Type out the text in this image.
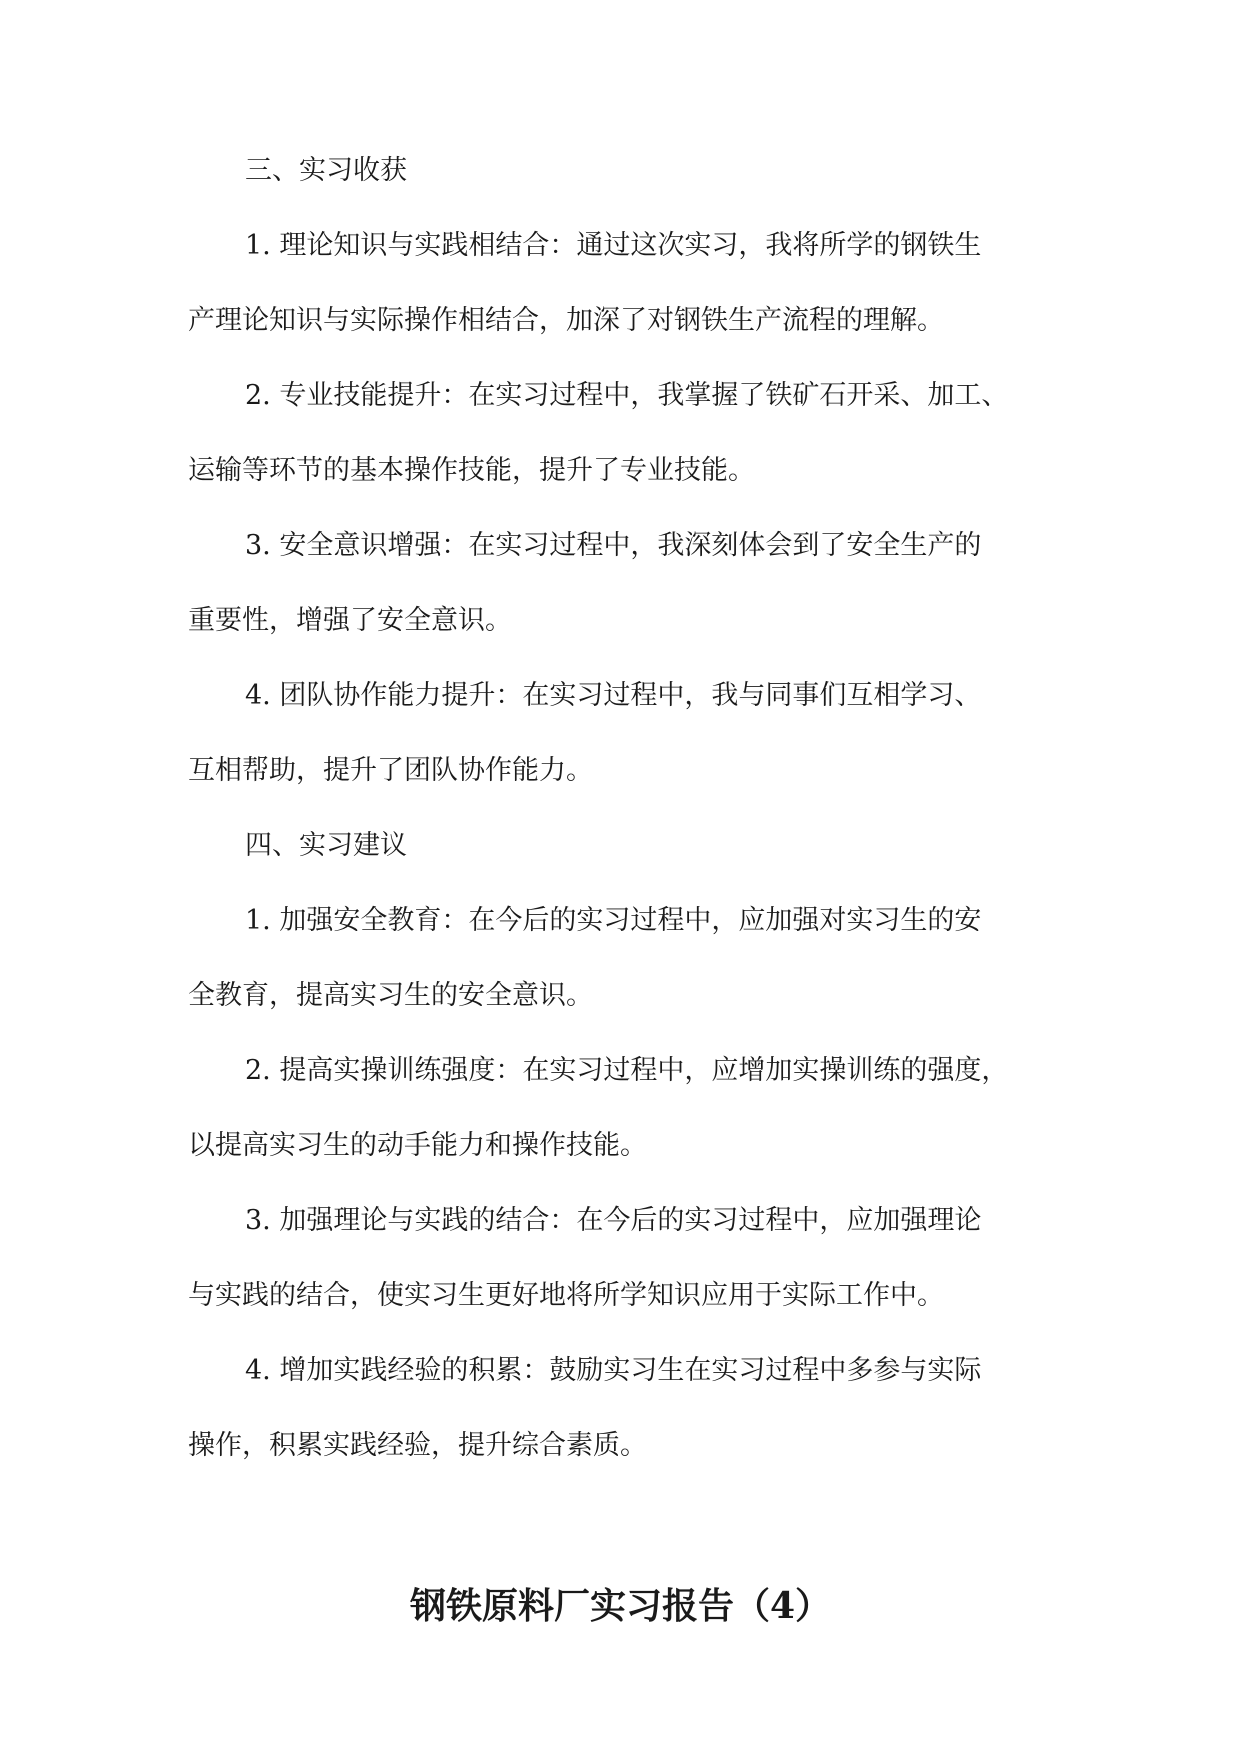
三、实习收获
1. 理论知识与实践相结合：通过这次实习，我将所学的钢铁生
产理论知识与实际操作相结合，加深了对钢铁生产流程的理解。
2. 专业技能提升：在实习过程中，我掌握了铁矿石开采、加工、
运输等环节的基本操作技能，提升了专业技能。
3. 安全意识增强：在实习过程中，我深刻体会到了安全生产的
重要性，增强了安全意识。
4. 团队协作能力提升：在实习过程中，我与同事们互相学习、
互相帮助，提升了团队协作能力。
四、实习建议
1. 加强安全教育：在今后的实习过程中，应加强对实习生的安
全教育，提高实习生的安全意识。
2. 提高实操训练强度：在实习过程中，应增加实操训练的强度，
以提高实习生的动手能力和操作技能。
3. 加强理论与实践的结合：在今后的实习过程中，应加强理论
与实践的结合，使实习生更好地将所学知识应用于实际工作中。
4. 增加实践经验的积累：鼓励实习生在实习过程中多参与实际
操作，积累实践经验，提升综合素质。
钢铁原料厂实习报告（4）
